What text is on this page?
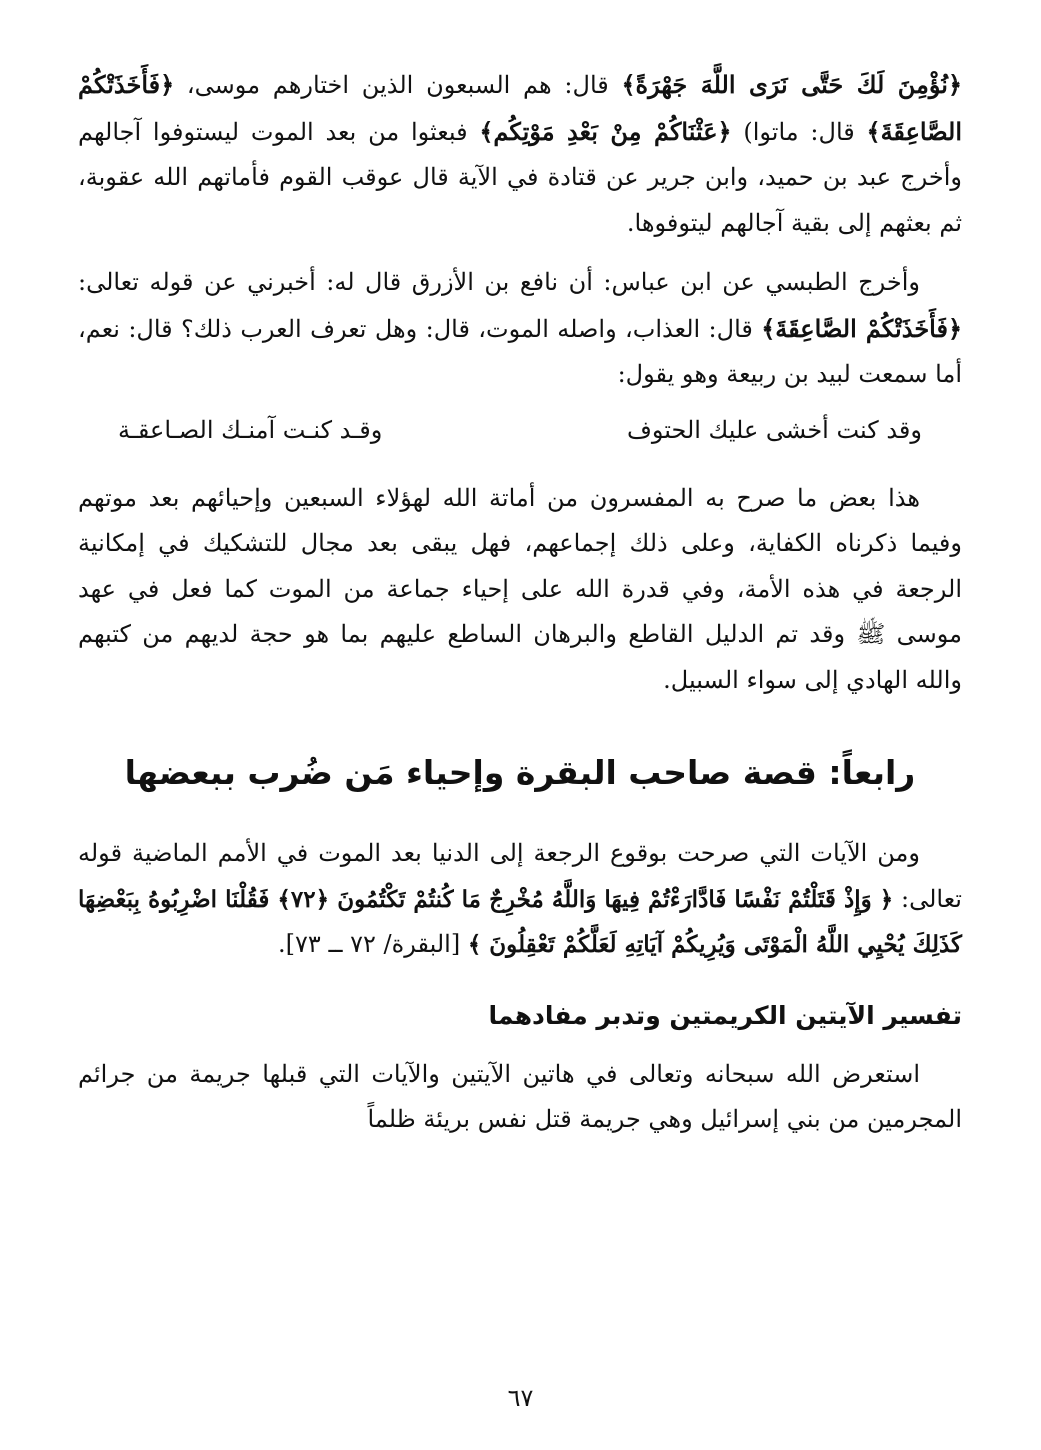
﴿نُؤْمِنَ لَكَ حَتَّى نَرَى اللَّهَ جَهْرَةً﴾ قال: هم السبعون الذين اختارهم موسى، ﴿فَأَخَذَتْكُمْ الصَّاعِقَةَ﴾ قال: ماتوا) ﴿عَثْنَاكُمْ مِنْ بَعْدِ مَوْتِكُم﴾ فبعثوا من بعد الموت ليستوفوا آجالهم وأخرج عبد بن حميد، وابن جرير عن قتادة في الآية قال عوقب القوم فأماتهم الله عقوبة، ثم بعثهم إلى بقية آجالهم ليتوفوها.

وأخرج الطبسي عن ابن عباس: أن نافع بن الأزرق قال له: أخبرني عن قوله تعالى: ﴿فَأَخَذَتْكُمْ الصَّاعِقَةَ﴾ قال: العذاب، واصله الموت، قال: وهل تعرف العرب ذلك؟ قال: نعم، أما سمعت لبيد بن ربيعة وهو يقول:

وقد كنت أخشى عليك الحتوف
وقـد كنـت آمنـك الصـاعقـة

هذا بعض ما صرح به المفسرون من أماتة الله لهؤلاء السبعين وإحيائهم بعد موتهم وفيما ذكرناه الكفاية، وعلى ذلك إجماعهم، فهل يبقى بعد مجال للتشكيك في إمكانية الرجعة في هذه الأمة، وفي قدرة الله على إحياء جماعة من الموت كما فعل في عهد موسى ﷺ وقد تم الدليل القاطع والبرهان الساطع عليهم بما هو حجة لديهم من كتبهم والله الهادي إلى سواء السبيل.

رابعاً: قصة صاحب البقرة وإحياء مَن ضُرب ببعضها

ومن الآيات التي صرحت بوقوع الرجعة إلى الدنيا بعد الموت في الأمم الماضية قوله تعالى: ﴿ وَإِذْ قَتَلْتُمْ نَفْسًا فَادَّارَءْتُمْ فِيهَا وَاللَّهُ مُخْرِجٌ مَا كُنتُمْ تَكْتُمُونَ ﴿٧٢﴾ فَقُلْنَا اضْرِبُوهُ بِبَعْضِهَا كَذَلِكَ يُحْيِي اللَّهُ الْمَوْتَى وَيُرِيكُمْ آيَاتِهِ لَعَلَّكُمْ تَعْقِلُونَ ﴾ [البقرة/ ٧٢ ــ ٧٣].

تفسير الآيتين الكريمتين وتدبر مفادهما

استعرض الله سبحانه وتعالى في هاتين الآيتين والآيات التي قبلها جريمة من جرائم المجرمين من بني إسرائيل وهي جريمة قتل نفس بريئة ظلماً

٦٧
